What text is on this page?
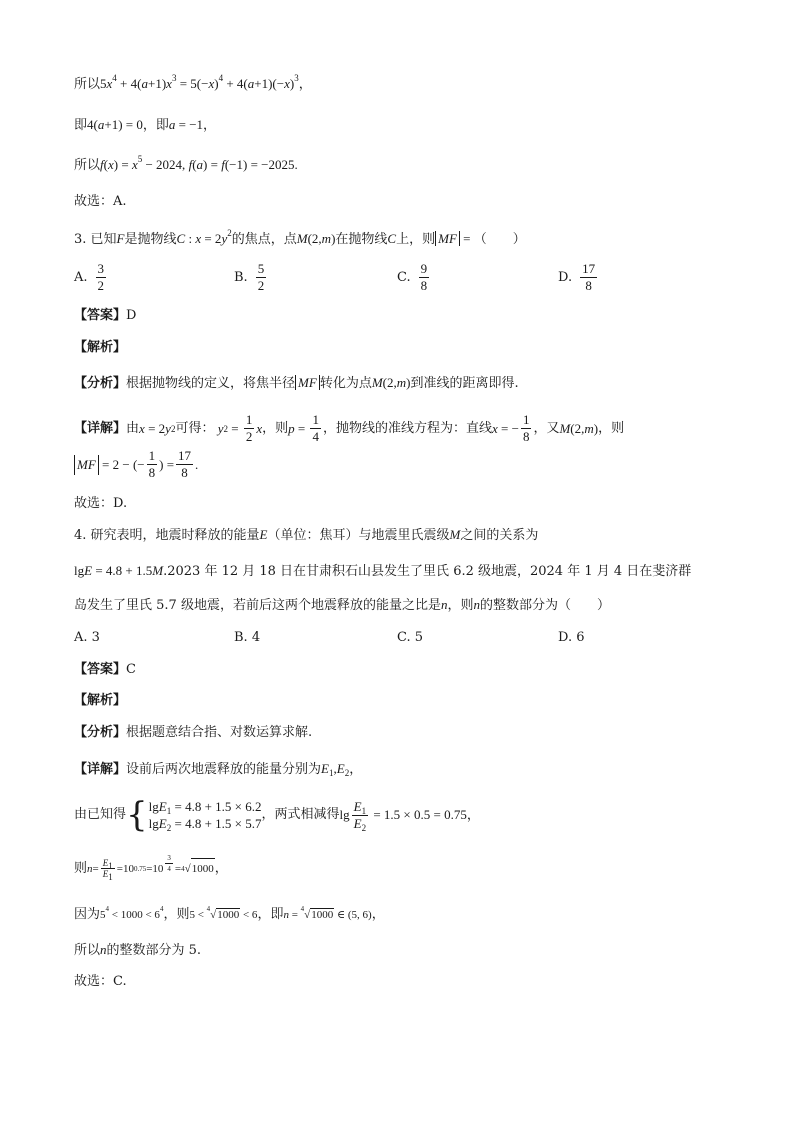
所以$5x^4 + 4(a+1)x^3 = 5(-x)^4 + 4(a+1)(-x)^3$，
即4(a+1) = 0，即a = −1，
所以$f(x) = x^5 - 2024$, f(a) = f(−1) = −2025.
故选：A.
3. 已知F是抛物线C : $x = 2y^2$的焦点，点M(2,m)在抛物线C上，则 MF = （　　）
A. $\frac{3}{2}$	B. $\frac{5}{2}$	C. $\frac{9}{8}$	D. $\frac{17}{8}$
【答案】D
【解析】
【分析】根据抛物线的定义，将焦半径 MF 转化为点M(2,m)到准线的距离即得.
【详解】 由 x = 2 y 2 可得： y $2 = \frac{1}{2}$ x ，则 $p = \frac{1}{4}$ ，抛物线的准线方程为：直线 x = − $\frac{1}{8}$ ，又 M (2, m ) ，则
MF = 2 − (− $\frac{1}{8}$ ) = $\frac{17}{8}$ .
故选：D.
4. 研究表明，地震时释放的能量E（单位：焦耳）与地震里氏震级M之间的关系为
lgE = 4.8 + 1.5M.2023 年 12 月 18 日在甘肃积石山县发生了里氏 6.2 级地震，2024 年 1 月 4 日在斐济群
岛发生了里氏 5.7 级地震，若前后这两个地震释放的能量之比是n，则n的整数部分为（　　）
A. 3	B. 4	C. 5	D. 6
【答案】C
【解析】
【分析】根据题意结合指、对数运算求解.
【详解】设前后两次地震释放的能量分别为$E_1,E_2$，
由已知得 { lgE$_1$ = 4.8 + 1.5 × 6.2
lgE$_2$ = 4.8 + 1.5 × 5.7
，两式相减得 $\lg \frac{E_1}{E_2} = 1.5 \times 0.5 = 0.75$，
则 $n = \frac{E_1}{E_1} =10$ $0.75 =10 \frac{3}{4} = 4$ √ 1000 ，
因为$5^4 < 1000 < 6^4$，则5 < $^4$√1000 < 6，即n = $^4$√1000 ∈ (5, 6)，
所以n的整数部分为 5.
故选：C.
